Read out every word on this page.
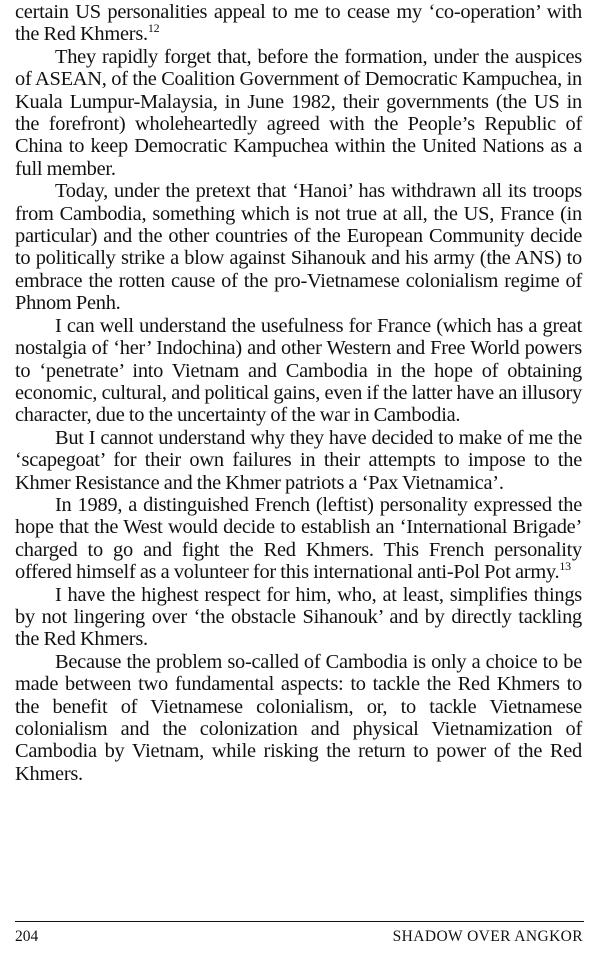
certain US personalities appeal to me to cease my ‘co-operation’ with the Red Khmers.$^{12}$

They rapidly forget that, before the formation, under the auspices of ASEAN, of the Coalition Government of Democratic Kampuchea, in Kuala Lumpur-Malaysia, in June 1982, their governments (the US in the forefront) wholeheartedly agreed with the People’s Republic of China to keep Democratic Kampuchea within the United Nations as a full member.

Today, under the pretext that ‘Hanoi’ has withdrawn all its troops from Cambodia, something which is not true at all, the US, France (in particular) and the other countries of the European Community decide to politically strike a blow against Sihanouk and his army (the ANS) to embrace the rotten cause of the pro-Vietnamese colonialism regime of Phnom Penh.

I can well understand the usefulness for France (which has a great nostalgia of ‘her’ Indochina) and other Western and Free World powers to ‘penetrate’ into Vietnam and Cambodia in the hope of obtaining economic, cultural, and political gains, even if the latter have an illusory character, due to the uncertainty of the war in Cambodia.

But I cannot understand why they have decided to make of me the ‘scapegoat’ for their own failures in their attempts to impose to the Khmer Resistance and the Khmer patriots a ‘Pax Vietnamica’.

In 1989, a distinguished French (leftist) personality expressed the hope that the West would decide to establish an ‘International Brigade’ charged to go and fight the Red Khmers. This French personality offered himself as a volunteer for this international anti-Pol Pot army.$^{13}$

I have the highest respect for him, who, at least, simplifies things by not lingering over ‘the obstacle Sihanouk’ and by directly tackling the Red Khmers.

Because the problem so-called of Cambodia is only a choice to be made between two fundamental aspects: to tackle the Red Khmers to the benefit of Vietnamese colonialism, or, to tackle Vietnamese colonialism and the colonization and physical Vietnamization of Cambodia by Vietnam, while risking the return to power of the Red Khmers.

204	SHADOW OVER ANGKOR
